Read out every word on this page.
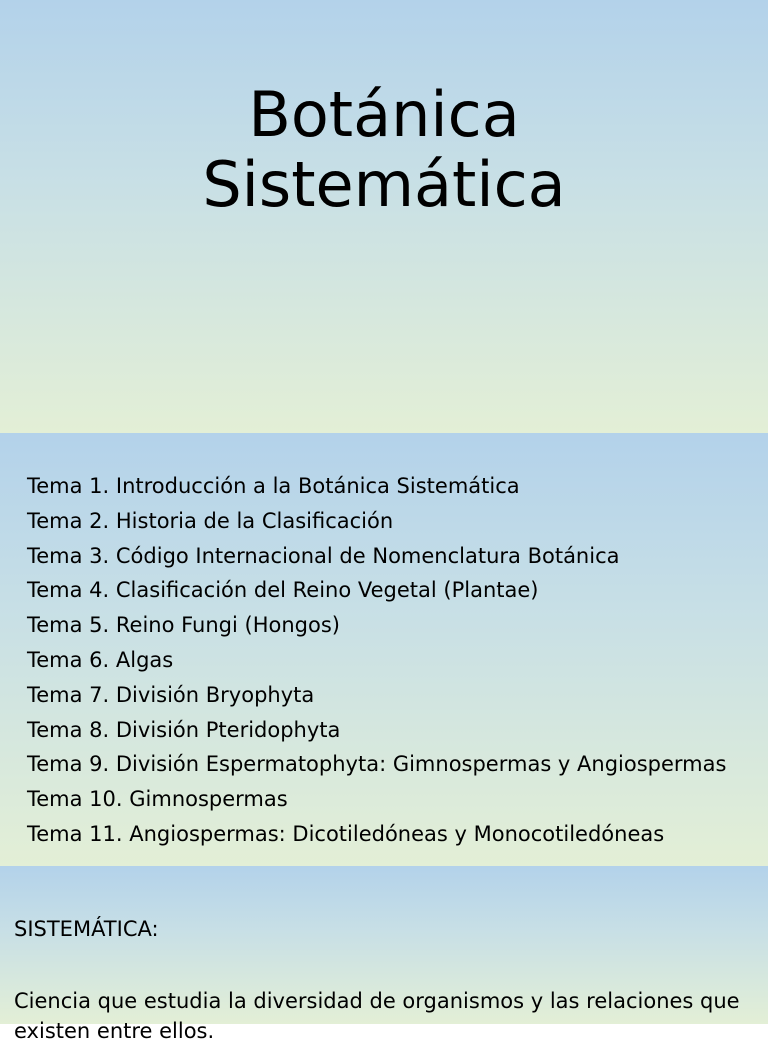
Botánica
Sistemática
Tema 1. Introducción a la Botánica Sistemática
Tema 2. Historia de la Clasificación
Tema 3. Código Internacional de Nomenclatura Botánica
Tema 4. Clasificación del Reino Vegetal (Plantae)
Tema 5. Reino Fungi (Hongos)
Tema 6. Algas
Tema 7. División Bryophyta
Tema 8. División Pteridophyta
Tema 9. División Espermatophyta: Gimnospermas y Angiospermas
Tema 10. Gimnospermas
Tema 11. Angiospermas: Dicotiledóneas y Monocotiledóneas

SISTEMÁTICA:

Ciencia que estudia la diversidad de organismos y las relaciones que existen entre ellos.
